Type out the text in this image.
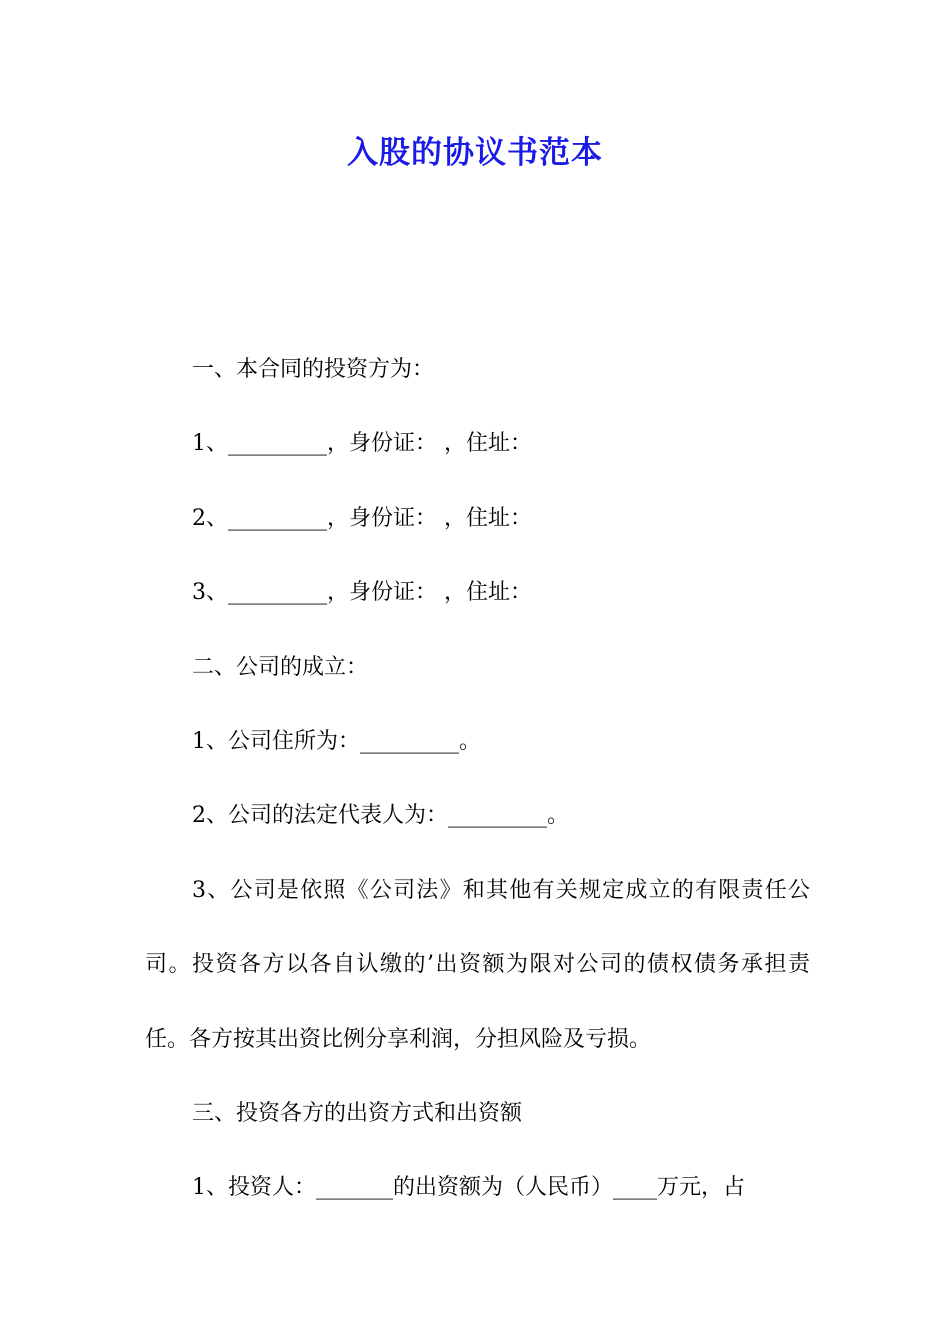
入股的协议书范本

一、本合同的投资方为：

1、_________，身份证： ，住址：

2、_________，身份证： ，住址：

3、_________，身份证： ，住址：

二、公司的成立：

1、公司住所为：_________。

2、公司的法定代表人为：_________。

3、公司是依照《公司法》和其他有关规定成立的有限责任公司。投资各方以各自认缴的’出资额为限对公司的债权债务承担责任。各方按其出资比例分享利润，分担风险及亏损。

三、投资各方的出资方式和出资额

1、投资人：_______的出资额为（人民币）____万元，占
